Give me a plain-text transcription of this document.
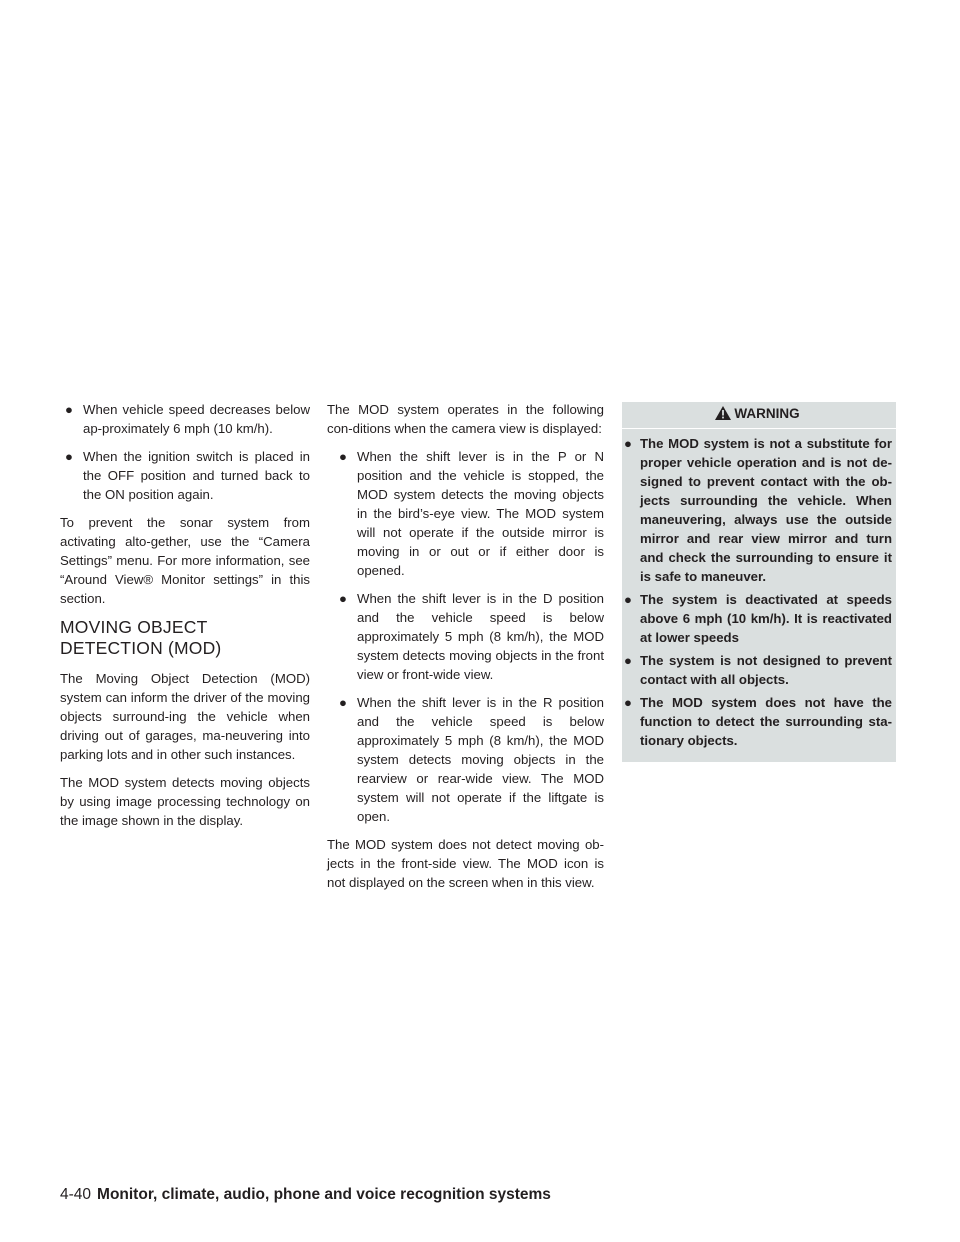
● When vehicle speed decreases below ap-proximately 6 mph (10 km/h).
● When the ignition switch is placed in the OFF position and turned back to the ON position again.

To prevent the sonar system from activating alto-gether, use the “Camera Settings” menu. For more information, see “Around View® Monitor settings” in this section.

MOVING OBJECT DETECTION (MOD)

The Moving Object Detection (MOD) system can inform the driver of the moving objects surround-ing the vehicle when driving out of garages, ma-neuvering into parking lots and in other such instances.

The MOD system detects moving objects by using image processing technology on the image shown in the display.

The MOD system operates in the following con-ditions when the camera view is displayed:

● When the shift lever is in the P or N position and the vehicle is stopped, the MOD system detects the moving objects in the bird’s-eye view. The MOD system will not operate if the outside mirror is moving in or out or if either door is opened.
● When the shift lever is in the D position and the vehicle speed is below approximately 5 mph (8 km/h), the MOD system detects moving objects in the front view or front-wide view.
● When the shift lever is in the R position and the vehicle speed is below approximately 5 mph (8 km/h), the MOD system detects moving objects in the rearview or rear-wide view. The MOD system will not operate if the liftgate is open.

The MOD system does not detect moving ob-jects in the front-side view. The MOD icon is not displayed on the screen when in this view.

WARNING
● The MOD system is not a substitute for proper vehicle operation and is not de-signed to prevent contact with the ob-jects surrounding the vehicle. When maneuvering, always use the outside mirror and rear view mirror and turn and check the surrounding to ensure it is safe to maneuver.
● The system is deactivated at speeds above 6 mph (10 km/h). It is reactivated at lower speeds
● The system is not designed to prevent contact with all objects.
● The MOD system does not have the function to detect the surrounding sta-tionary objects.
4-40 Monitor, climate, audio, phone and voice recognition systems
